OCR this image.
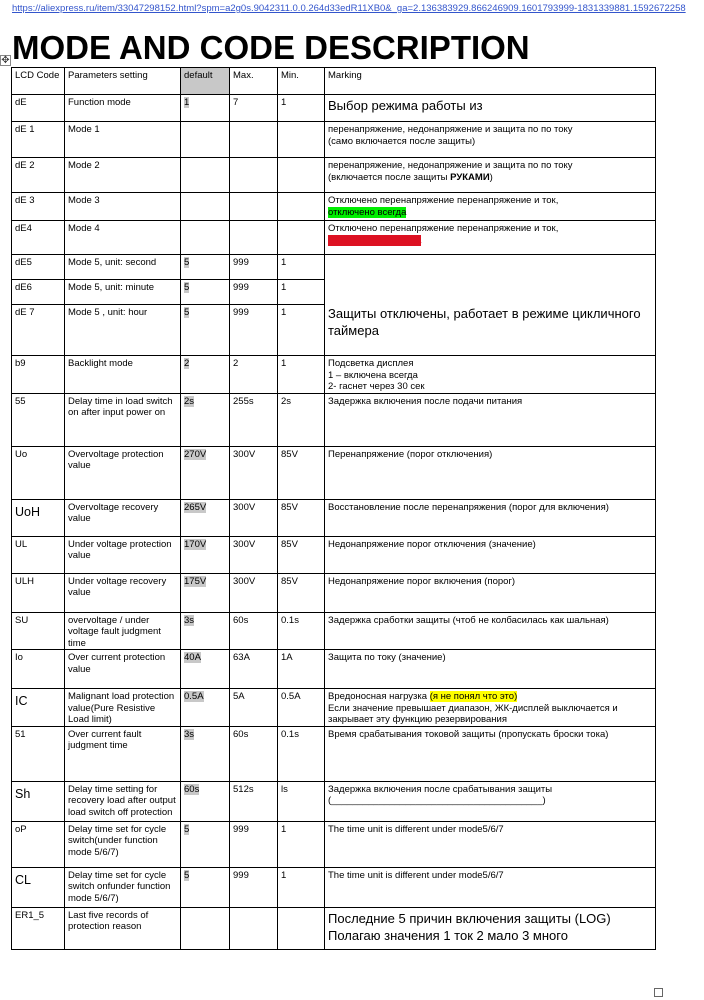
https://aliexpress.ru/item/33047298152.html?spm=a2g0s.9042311.0.0.264d33edR11XB0&_ga=2.136383929.866246909.1601793999-1831339881.1592672258
✥ MODE AND CODE DESCRIPTION
LCD Code	Parameters setting	default	Max.	Min.	Marking
dE	Function mode	1	7	1	Выбор режима работы из
dE 1	Mode 1				перенапряжение, недонапряжение и защита по по току
(само включается после защиты)
dE 2	Mode 2				перенапряжение, недонапряжение и защита по по току
(включается после защиты РУКАМИ)
dE 3	Mode 3				Отключено перенапряжение перенапряжение и ток,
отключено всегда
dE4	Mode 4				Отключено перенапряжение перенапряжение и ток,
ВКЛЮЧЕНО ВСЕГДА
dE5	Mode 5, unit: second	5	999	1	Защиты отключены, работает в режиме цикличного таймера
dE6	Mode 5, unit: minute	5	999	1	
dE 7	Mode 5 , unit: hour	5	999	1	
b9	Backlight mode	2	2	1	Подсветка дисплея
1 – включена всегда
2- гаснет через 30 сек
55	Delay time in load switch on after input power on	2s	255s	2s	Задержка включения после подачи питания
Uo	Overvoltage protection value	270V	300V	85V	Перенапряжение (порог отключения)
UoH	Overvoltage recovery value	265V	300V	85V	Восстановление после перенапряжения (порог для включения)
UL	Under voltage protection value	170V	300V	85V	Недонапряжение порог отключения (значение)
ULH	Under voltage recovery value	175V	300V	85V	Недонапряжение порог включения (порог)
SU	overvoltage / under voltage fault judgment time	3s	60s	0.1s	Задержка сработки защиты (чтоб не колбасилась как шальная)
Io	Over current protection value	40A	63A	1A	Защита по току (значение)
IC	Malignant load protection value(Pure Resistive Load limit)	0.5A	5A	0.5A	Вредоносная нагрузка (я не понял что это)
Если значение превышает диапазон, ЖК-дисплей выключается и закрывает эту функцию резервирования
51	Over current fault judgment time	3s	60s	0.1s	Время срабатывания токовой защиты (пропускать броски тока)
Sh	Delay time setting for recovery load after output load switch off protection	60s	512s	ls	Задержка включения после срабатывания защиты
(________________________________________)
oP	Delay time set for cycle switch(under function mode 5/6/7)	5	999	1	The time unit is different under mode5/6/7
CL	Delay time set for cycle switch onfunder function mode 5/6/7)	5	999	1	The time unit is different under mode5/6/7
ER1_5	Last five records of protection reason				Последние 5 причин включения защиты (LOG)
Полагаю значения 1 ток 2 мало 3 много
